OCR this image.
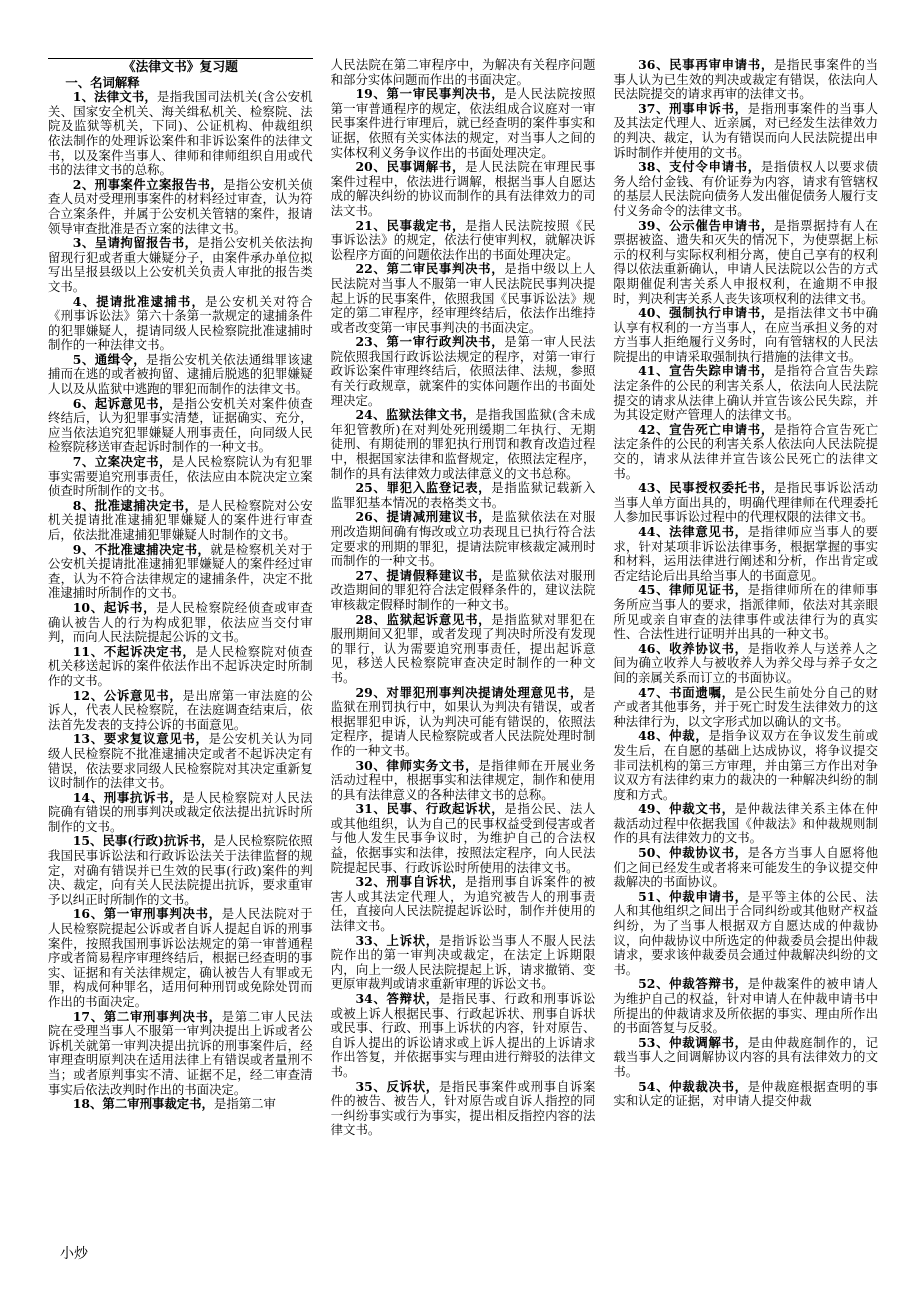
《法律文书》复习题

一、名词解释

1、法律文书，是指我国司法机关(含公安机关、国家安全机关、海关缉私机关、检察院、法院及监狱等机关，下同)、公证机构、仲裁组织依法制作的处理诉讼案件和非诉讼案件的法律文书，以及案件当事人、律师和律师组织自用或代书的法律文书的总称。

2、刑事案件立案报告书，是指公安机关侦查人员对受理刑事案件的材料经过审查，认为符合立案条件，并属于公安机关管辖的案件，报请领导审查批准是否立案的法律文书。

3、呈请拘留报告书，是指公安机关依法拘留现行犯或者重大嫌疑分子，由案件承办单位拟写出呈报县级以上公安机关负责人审批的报告类文书。

4、提请批准逮捕书，是公安机关对符合《刑事诉讼法》第六十条第一款规定的逮捕条件的犯罪嫌疑人，提请同级人民检察院批准逮捕时制作的一种法律文书。

5、通缉令，是指公安机关依法通缉罪该逮捕而在逃的或者被拘留、逮捕后脱逃的犯罪嫌疑人以及从监狱中逃跑的罪犯而制作的法律文书。

6、起诉意见书，是指公安机关对案件侦查终结后，认为犯罪事实清楚，证据确实、充分，应当依法追究犯罪嫌疑人刑事责任，向同级人民检察院移送审查起诉时制作的一种文书。

7、立案决定书，是人民检察院认为有犯罪事实需要追究刑事责任，依法应由本院决定立案侦查时所制作的文书。

8、批准逮捕决定书，是人民检察院对公安机关提请批准逮捕犯罪嫌疑人的案件进行审查后，依法批准逮捕犯罪嫌疑人时制作的文书。

9、不批准逮捕决定书，就是检察机关对于公安机关提请批准逮捕犯罪嫌疑人的案件经过审查，认为不符合法律规定的逮捕条件，决定不批准逮捕时所制作的文书。

10、起诉书，是人民检察院经侦查或审查确认被告人的行为构成犯罪，依法应当交付审判，而向人民法院提起公诉的文书。

11、不起诉决定书，是人民检察院对侦查机关移送起诉的案件依法作出不起诉决定时所制作的文书。

12、公诉意见书，是出席第一审法庭的公诉人，代表人民检察院，在法庭调查结束后，依法首先发表的支持公诉的书面意见。

13、要求复议意见书，是公安机关认为同级人民检察院不批准逮捕决定或者不起诉决定有错误，依法要求同级人民检察院对其决定重新复议时制作的法律文书。

14、刑事抗诉书，是人民检察院对人民法院确有错误的刑事判决或裁定依法提出抗诉时所制作的文书。

15、民事(行政)抗诉书，是人民检察院依照我国民事诉讼法和行政诉讼法关于法律监督的规定，对确有错误并已生效的民事(行政)案件的判决、裁定，向有关人民法院提出抗诉，要求重审予以纠正时所制作的文书。

16、第一审刑事判决书，是人民法院对于人民检察院提起公诉或者自诉人提起自诉的刑事案件，按照我国刑事诉讼法规定的第一审普通程序或者简易程序审理终结后，根据已经查明的事实、证据和有关法律规定，确认被告人有罪或无罪，构成何种罪名，适用何种刑罚或免除处罚而作出的书面决定。

17、第二审刑事判决书，是第二审人民法院在受理当事人不服第一审判决提出上诉或者公诉机关就第一审判决提出抗诉的刑事案件后，经审理查明原判决在适用法律上有错误或者量刑不当；或者原判事实不清、证据不足，经二审查清事实后依法改判时作出的书面决定。

18、第二审刑事裁定书，是指第二审

人民法院在第二审程序中，为解决有关程序问题和部分实体问题而作出的书面决定。

19、第一审民事判决书，是人民法院按照第一审普通程序的规定，依法组成合议庭对一审民事案件进行审理后，就已经查明的案件事实和证据，依照有关实体法的规定，对当事人之间的实体权利义务争议作出的书面处理决定。

20、民事调解书，是人民法院在审理民事案件过程中，依法进行调解，根据当事人自愿达成的解决纠纷的协议而制作的具有法律效力的司法文书。

21、民事裁定书，是指人民法院按照《民事诉讼法》的规定，依法行使审判权，就解决诉讼程序方面的问题依法作出的书面处理决定。

22、第二审民事判决书，是指中级以上人民法院对当事人不服第一审人民法院民事判决提起上诉的民事案件，依照我国《民事诉讼法》规定的第二审程序，经审理终结后，依法作出维持或者改变第一审民事判决的书面决定。

23、第一审行政判决书，是第一审人民法院依照我国行政诉讼法规定的程序，对第一审行政诉讼案件审理终结后，依照法律、法规，参照有关行政规章，就案件的实体问题作出的书面处理决定。

24、监狱法律文书，是指我国监狱(含未成年犯管教所)在对判处死刑缓期二年执行、无期徒刑、有期徒刑的罪犯执行刑罚和教育改造过程中，根据国家法律和监督规定，依照法定程序，制作的具有法律效力或法律意义的文书总称。

25、罪犯入监登记表，是指监狱记载新入监罪犯基本情况的表格类文书。

26、提请减刑建议书，是监狱依法在对服刑改造期间确有悔改或立功表现且已执行符合法定要求的刑期的罪犯，提请法院审核裁定减刑时而制作的一种文书。

27、提请假释建议书，是监狱依法对服刑改造期间的罪犯符合法定假释条件的，建议法院审核裁定假释时制作的一种文书。

28、监狱起诉意见书，是指监狱对罪犯在服刑期间又犯罪，或者发现了判决时所没有发现的罪行，认为需要追究刑事责任，提出起诉意见，移送人民检察院审查决定时制作的一种文书。

29、对罪犯刑事判决提请处理意见书，是监狱在刑罚执行中，如果认为判决有错误，或者根据罪犯申诉，认为判决可能有错误的，依照法定程序，提请人民检察院或者人民法院处理时制作的一种文书。

30、律师实务文书，是指律师在开展业务活动过程中，根据事实和法律规定，制作和使用的具有法律意义的各种法律文书的总称。

31、民事、行政起诉状，是指公民、法人或其他组织，认为自己的民事权益受到侵害或者与他人发生民事争议时，为维护自己的合法权益，依据事实和法律，按照法定程序，向人民法院提起民事、行政诉讼时所使用的法律文书。

32、刑事自诉状，是指刑事自诉案件的被害人或其法定代理人，为追究被告人的刑事责任，直接向人民法院提起诉讼时，制作并使用的法律文书。

33、上诉状，是指诉讼当事人不服人民法院作出的第一审判决或裁定，在法定上诉期限内，向上一级人民法院提起上诉，请求撤销、变更原审裁判或请求重新审理的诉讼文书。

34、答辩状，是指民事、行政和刑事诉讼或被上诉人根据民事、行政起诉状、刑事自诉状或民事、行政、刑事上诉状的内容，针对原告、自诉人提出的诉讼请求或上诉人提出的上诉请求作出答复，并依据事实与理由进行辩驳的法律文书。

35、反诉状，是指民事案件或刑事自诉案件的被告、被告人，针对原告或自诉人指控的同一纠纷事实或行为事实，提出相反指控内容的法律文书。

36、民事再审申请书，是指民事案件的当事人认为已生效的判决或裁定有错误，依法向人民法院提交的请求再审的法律文书。

37、刑事申诉书，是指刑事案件的当事人及其法定代理人、近亲属，对已经发生法律效力的判决、裁定，认为有错误而向人民法院提出申诉时制作并使用的文书。

38、支付令申请书，是指债权人以要求债务人给付金钱、有价证券为内容，请求有管辖权的基层人民法院向债务人发出催促债务人履行支付义务命令的法律文书。

39、公示催告申请书，是指票据持有人在票据被盗、遗失和灭失的情况下，为使票据上标示的权利与实际权利相分离，使自己享有的权利得以依法重新确认，申请人民法院以公告的方式限期催促利害关系人申报权利，在逾期不申报时，判决利害关系人丧失该项权利的法律文书。

40、强制执行申请书，是指法律文书中确认享有权利的一方当事人，在应当承担义务的对方当事人拒绝履行义务时，向有管辖权的人民法院提出的申请采取强制执行措施的法律文书。

41、宣告失踪申请书，是指符合宣告失踪法定条件的公民的利害关系人，依法向人民法院提交的请求从法律上确认并宣告该公民失踪，并为其设定财产管理人的法律文书。

42、宣告死亡申请书，是指符合宣告死亡法定条件的公民的利害关系人依法向人民法院提交的，请求从法律并宣告该公民死亡的法律文书。

43、民事授权委托书，是指民事诉讼活动当事人单方面出具的，明确代理律师在代理委托人参加民事诉讼过程中的代理权限的法律文书。

44、法律意见书，是指律师应当事人的要求，针对某项非诉讼法律事务，根据掌握的事实和材料，运用法律进行阐述和分析，作出肯定或否定结论后出具给当事人的书面意见。

45、律师见证书，是指律师所在的律师事务所应当事人的要求，指派律师，依法对其亲眼所见或亲自审查的法律事件或法律行为的真实性、合法性进行证明并出具的一种文书。

46、收养协议书，是指收养人与送养人之间为确立收养人与被收养人为养父母与养子女之间的亲属关系而订立的书面协议。

47、书面遗嘱，是公民生前处分自己的财产或者其他事务，并于死亡时发生法律效力的这种法律行为，以文字形式加以确认的文书。

48、仲裁，是指争议双方在争议发生前或发生后，在自愿的基础上达成协议，将争议提交非司法机构的第三方审理，并由第三方作出对争议双方有法律约束力的裁决的一种解决纠纷的制度和方式。

49、仲裁文书，是仲裁法律关系主体在仲裁活动过程中依据我国《仲裁法》和仲裁规则制作的具有法律效力的文书。

50、仲裁协议书，是各方当事人自愿将他们之间已经发生或者将来可能发生的争议提交仲裁解决的书面协议。

51、仲裁申请书，是平等主体的公民、法人和其他组织之间出于合同纠纷或其他财产权益纠纷，为了当事人根据双方自愿达成的仲裁协议，向仲裁协议中所选定的仲裁委员会提出仲裁请求，要求该仲裁委员会通过仲裁解决纠纷的文书。

52、仲裁答辩书，是仲裁案件的被申请人为维护自己的权益，针对申请人在仲裁申请书中所提出的仲裁请求及所依据的事实、理由所作出的书面答复与反驳。

53、仲裁调解书，是由仲裁庭制作的，记载当事人之间调解协议内容的具有法律效力的文书。

54、仲裁裁决书，是仲裁庭根据查明的事实和认定的证据，对申请人提交仲裁

小炒
